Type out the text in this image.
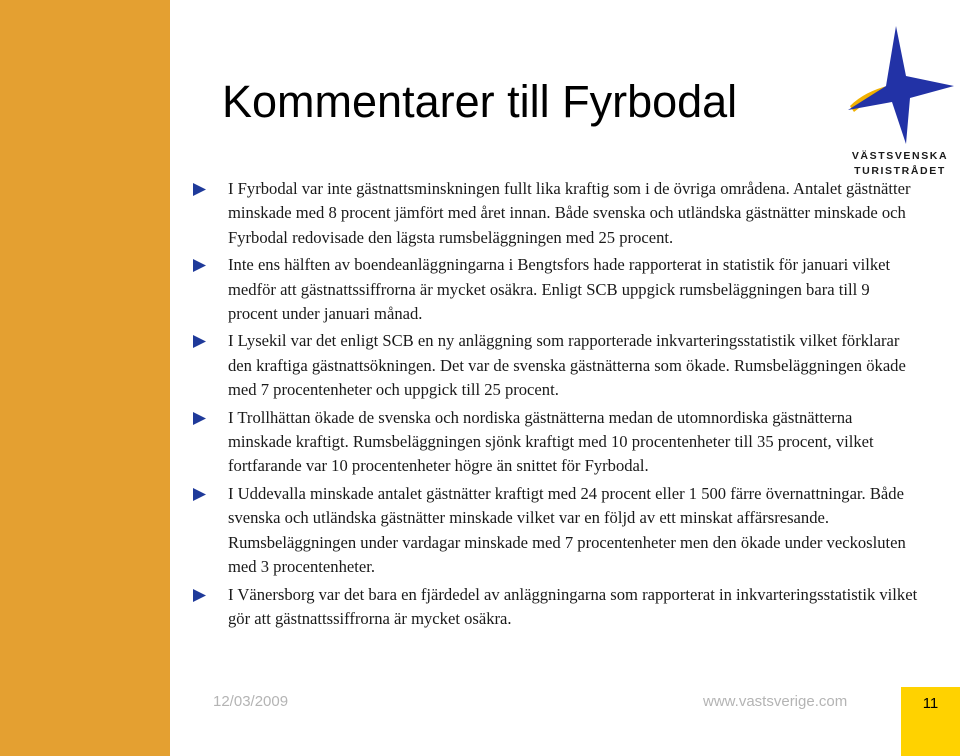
Kommentarer till Fyrbodal
VÄSTSVENSKA
TURISTRÅDET
I Fyrbodal var inte gästnattsminskningen fullt lika kraftig som i de övriga områdena. Antalet gästnätter minskade med 8 procent jämfört med året innan. Både svenska och utländska gästnätter minskade och Fyrbodal redovisade den lägsta rumsbeläggningen med 25 procent.
Inte ens hälften av boendeanläggningarna i Bengtsfors hade rapporterat in statistik för januari vilket medför att gästnattssiffrorna är mycket osäkra. Enligt SCB uppgick rumsbeläggningen bara till 9 procent under januari månad.
I Lysekil var det enligt SCB en ny anläggning som rapporterade inkvarteringsstatistik vilket förklarar den kraftiga gästnattsökningen. Det var de svenska gästnätterna som ökade. Rumsbeläggningen ökade med 7 procentenheter och uppgick till 25 procent.
I Trollhättan ökade de svenska och nordiska gästnätterna medan de utomnordiska gästnätterna minskade kraftigt. Rumsbeläggningen sjönk kraftigt med 10 procentenheter till 35 procent, vilket fortfarande var 10 procentenheter högre än snittet för Fyrbodal.
I Uddevalla minskade antalet gästnätter kraftigt med 24 procent eller 1 500 färre övernattningar. Både svenska och utländska gästnätter minskade vilket var en följd av ett minskat affärsresande. Rumsbeläggningen under vardagar minskade med 7 procentenheter men den ökade under veckosluten med 3 procentenheter.
I Vänersborg var det bara en fjärdedel av anläggningarna som rapporterat in inkvarteringsstatistik vilket gör att gästnattssiffrorna är mycket osäkra.
12/03/2009	www.vastsverige.com	11
